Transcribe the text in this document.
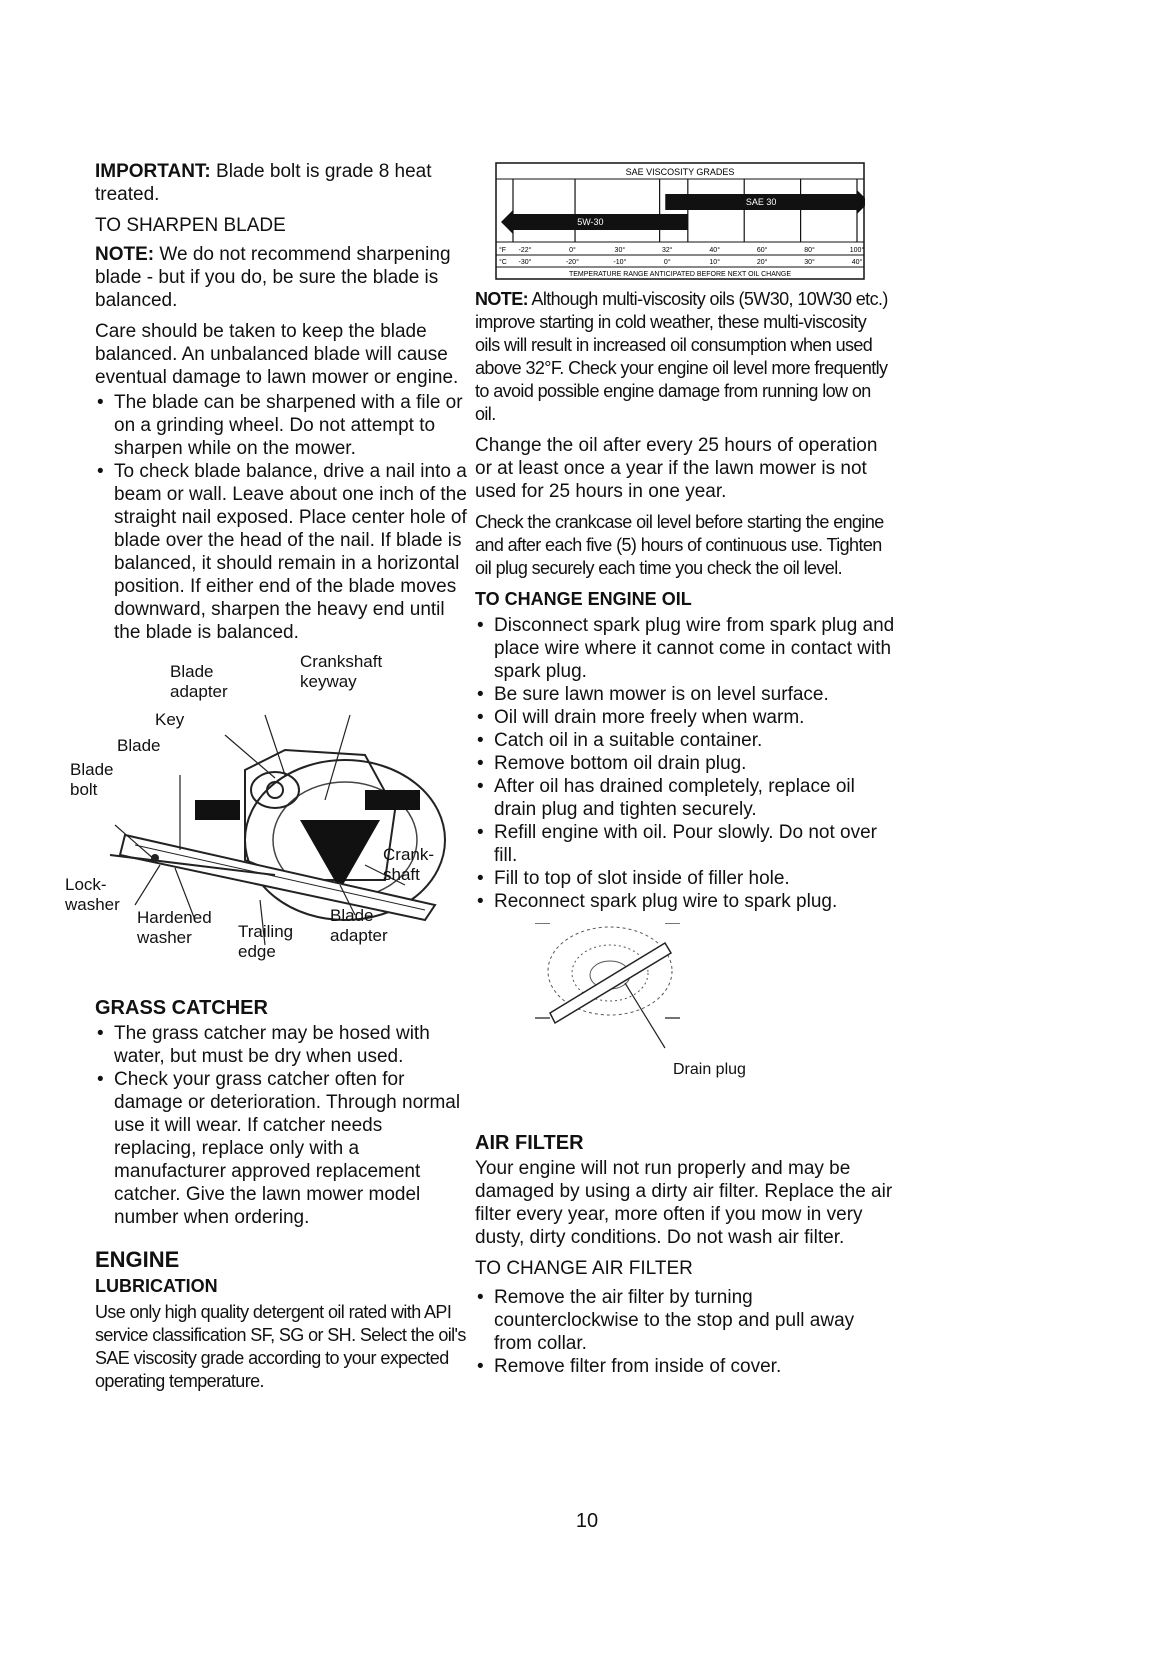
IMPORTANT: Blade bolt is grade 8 heat treated.

TO SHARPEN BLADE

NOTE: We do not recommend sharpening blade - but if you do, be sure the blade is balanced.

Care should be taken to keep the blade balanced. An unbalanced blade will cause eventual damage to lawn mower or engine.

• The blade can be sharpened with a file or on a grinding wheel. Do not attempt to sharpen while on the mower.
• To check blade balance, drive a nail into a beam or wall. Leave about one inch of the straight nail exposed. Place center hole of blade over the head of the nail. If blade is balanced, it should remain in a horizontal position. If either end of the blade moves downward, sharpen the heavy end until the blade is balanced.
Blade
adapter
Crankshaft
keyway
Key
Blade
Blade
bolt
Crank-
shaft
Lock-
washer
Hardened
washer	Trailing
edge
Blade
adapter

GRASS CATCHER

• The grass catcher may be hosed with water, but must be dry when used.
• Check your grass catcher often for damage or deterioration. Through normal use it will wear. If catcher needs replacing, replace only with a manufacturer approved replacement catcher. Give the lawn mower model number when ordering.

ENGINE

LUBRICATION

Use only high quality detergent oil rated with API service classification SF, SG or SH. Select the oil's SAE viscosity grade according to your expected operating temperature.

SAE VISCOSITY GRADES
5W-30
SAE 30
°F -22°	0°	30°	32°	40°	60°	80°	100°
°C -30°	-20°	-10°	0°	10°	20°	30°	40°
TEMPERATURE RANGE ANTICIPATED BEFORE NEXT OIL CHANGE

NOTE: Although multi-viscosity oils (5W30, 10W30 etc.) improve starting in cold weather, these multi-viscosity oils will result in increased oil consumption when used above 32°F. Check your engine oil level more frequently to avoid possible engine damage from running low on oil.

Change the oil after every 25 hours of operation or at least once a year if the lawn mower is not used for 25 hours in one year.

Check the crankcase oil level before starting the engine and after each five (5) hours of continuous use. Tighten oil plug securely each time you check the oil level.

TO CHANGE ENGINE OIL

• Disconnect spark plug wire from spark plug and place wire where it cannot come in contact with spark plug.
• Be sure lawn mower is on level surface.
• Oil will drain more freely when warm.
• Catch oil in a suitable container.
• Remove bottom oil drain plug.
• After oil has drained completely, replace oil drain plug and tighten securely.
• Refill engine with oil. Pour slowly. Do not over fill.
• Fill to top of slot inside of filler hole.
• Reconnect spark plug wire to spark plug.
Drain plug

AIR FILTER

Your engine will not run properly and may be damaged by using a dirty air filter. Replace the air filter every year, more often if you mow in very dusty, dirty conditions. Do not wash air filter.

TO CHANGE AIR FILTER

• Remove the air filter by turning counterclockwise to the stop and pull away from collar.
• Remove filter from inside of cover.
10
